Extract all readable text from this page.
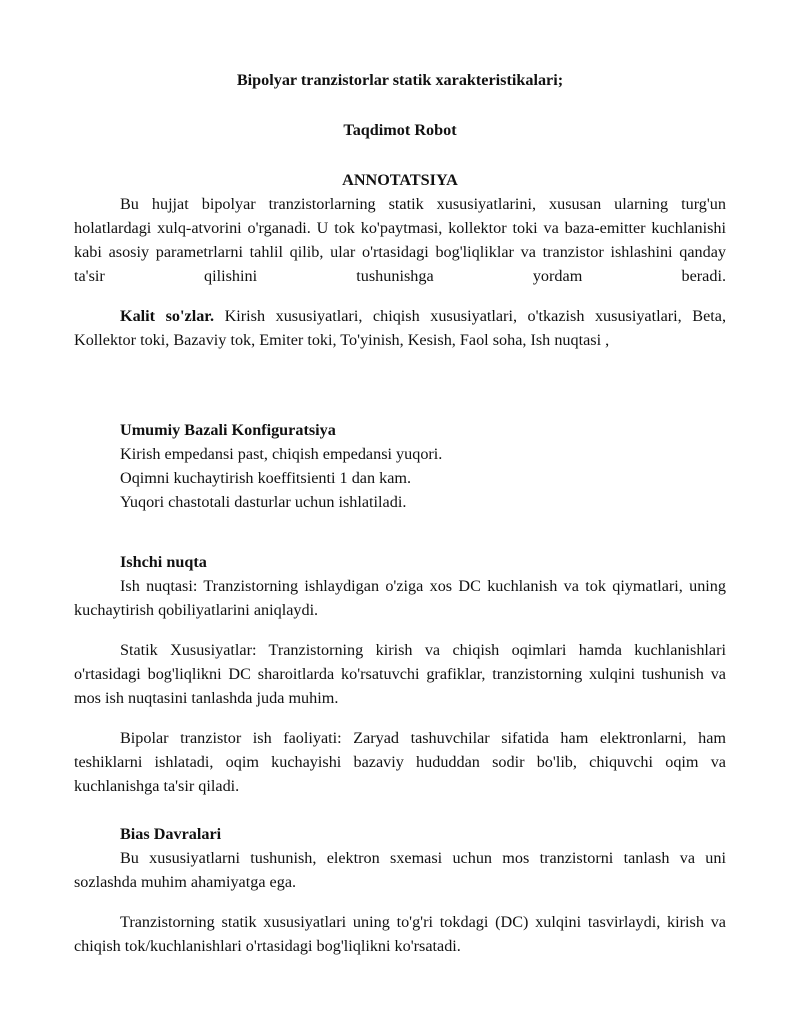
Bipolyar tranzistorlar statik xarakteristikalari;

Taqdimot Robot

ANNOTATSIYA

Bu hujjat bipolyar tranzistorlarning statik xususiyatlarini, xususan ularning turg'un holatlardagi xulq-atvorini o'rganadi. U tok ko'paytmasi, kollektor toki va baza-emitter kuchlanishi kabi asosiy parametrlarni tahlil qilib, ular o'rtasidagi bog'liqliklar va tranzistor ishlashini qanday ta'sir qilishini tushunishga yordam beradi.

Kalit so'zlar. Kirish xususiyatlari, chiqish xususiyatlari, o'tkazish xususiyatlari, Beta, Kollektor toki, Bazaviy tok, Emiter toki, To'yinish, Kesish, Faol soha, Ish nuqtasi ,

Umumiy Bazali Konfiguratsiya

Kirish empedansi past, chiqish empedansi yuqori.

Oqimni kuchaytirish koeffitsienti 1 dan kam.

Yuqori chastotali dasturlar uchun ishlatiladi.

Ishchi nuqta

Ish nuqtasi: Tranzistorning ishlaydigan o'ziga xos DC kuchlanish va tok qiymatlari, uning kuchaytirish qobiliyatlarini aniqlaydi.

Statik Xususiyatlar: Tranzistorning kirish va chiqish oqimlari hamda kuchlanishlari o'rtasidagi bog'liqlikni DC sharoitlarda ko'rsatuvchi grafiklar, tranzistorning xulqini tushunish va mos ish nuqtasini tanlashda juda muhim.

Bipolar tranzistor ish faoliyati: Zaryad tashuvchilar sifatida ham elektronlarni, ham teshiklarni ishlatadi, oqim kuchayishi bazaviy hududdan sodir bo'lib, chiquvchi oqim va kuchlanishga ta'sir qiladi.

Bias Davralari

Bu xususiyatlarni tushunish, elektron sxemasi uchun mos tranzistorni tanlash va uni sozlashda muhim ahamiyatga ega.

Tranzistorning statik xususiyatlari uning to'g'ri tokdagi (DC) xulqini tasvirlaydi, kirish va chiqish tok/kuchlanishlari o'rtasidagi bog'liqlikni ko'rsatadi.
